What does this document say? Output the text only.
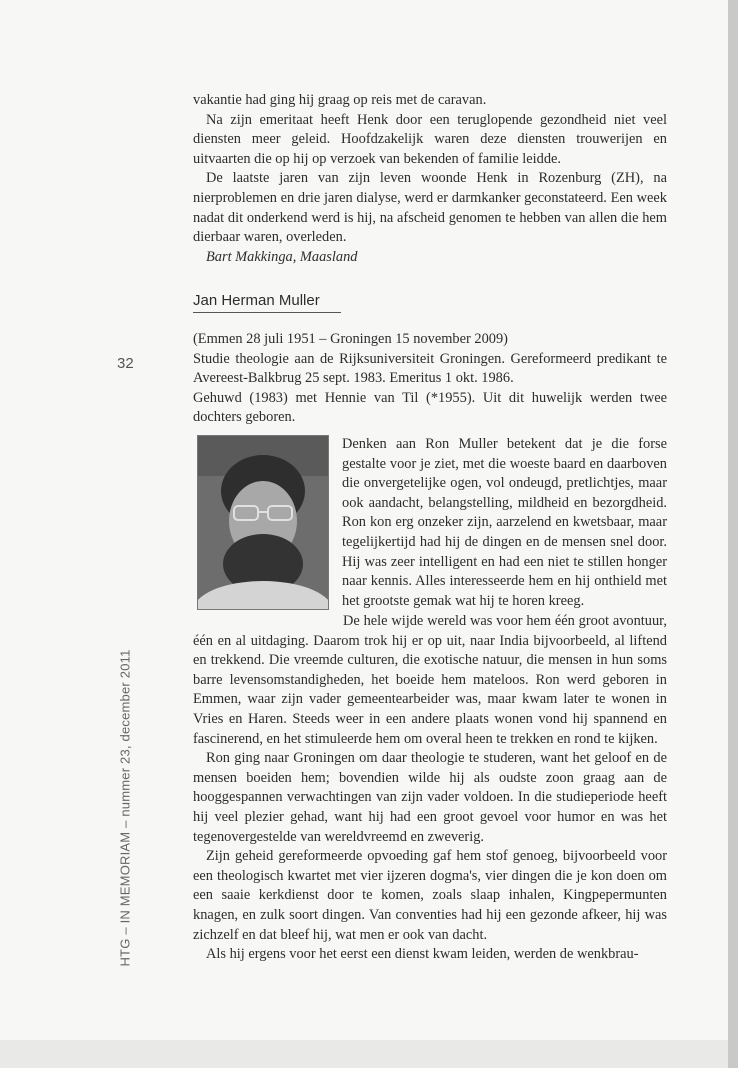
32
HTG – IN MEMORIAM – nummer 23, december 2011

vakantie had ging hij graag op reis met de caravan.

Na zijn emeritaat heeft Henk door een teruglopende gezondheid niet veel diensten meer geleid. Hoofdzakelijk waren deze diensten trouwerijen en uitvaarten die op hij op verzoek van bekenden of familie leidde.

De laatste jaren van zijn leven woonde Henk in Rozenburg (ZH), na nierproblemen en drie jaren dialyse, werd er darmkanker geconstateerd. Een week nadat dit onderkend werd is hij, na afscheid genomen te hebben van allen die hem dierbaar waren, overleden.

Bart Makkinga, Maasland

Jan Herman Muller

(Emmen 28 juli 1951 – Groningen 15 november 2009)

Studie theologie aan de Rijksuniversiteit Groningen. Gereformeerd predikant te Avereest-Balkbrug 25 sept. 1983. Emeritus 1 okt. 1986.

Gehuwd (1983) met Hennie van Til (*1955). Uit dit huwelijk werden twee dochters geboren.

Denken aan Ron Muller betekent dat je die forse gestalte voor je ziet, met die woeste baard en daarboven die onvergetelijke ogen, vol ondeugd, pretlichtjes, maar ook aandacht, belangstelling, mildheid en bezorgdheid. Ron kon erg onzeker zijn, aarzelend en kwetsbaar, maar tegelijkertijd had hij de dingen en de mensen snel door. Hij was zeer intelligent en had een niet te stillen honger naar kennis. Alles interesseerde hem en hij onthield met het grootste gemak wat hij te horen kreeg.

De hele wijde wereld was voor hem één groot avontuur, één en al uitdaging. Daarom trok hij er op uit, naar India bijvoorbeeld, al liftend en trekkend. Die vreemde culturen, die exotische natuur, die mensen in hun soms barre levensomstandigheden, het boeide hem mateloos. Ron werd geboren in Emmen, waar zijn vader gemeentearbeider was, maar kwam later te wonen in Vries en Haren. Steeds weer in een andere plaats wonen vond hij spannend en fascinerend, en het stimuleerde hem om overal heen te trekken en rond te kijken.

Ron ging naar Groningen om daar theologie te studeren, want het geloof en de mensen boeiden hem; bovendien wilde hij als oudste zoon graag aan de hooggespannen verwachtingen van zijn vader voldoen. In die studieperiode heeft hij veel plezier gehad, want hij had een groot gevoel voor humor en was het tegenovergestelde van wereldvreemd en zweverig.

Zijn geheid gereformeerde opvoeding gaf hem stof genoeg, bijvoorbeeld voor een theologisch kwartet met vier ijzeren dogma's, vier dingen die je kon doen om een saaie kerkdienst door te komen, zoals slaap inhalen, Kingpepermunten knagen, en zulk soort dingen. Van conventies had hij een gezonde afkeer, hij was zichzelf en dat bleef hij, wat men er ook van dacht.

Als hij ergens voor het eerst een dienst kwam leiden, werden de wenkbrau-
